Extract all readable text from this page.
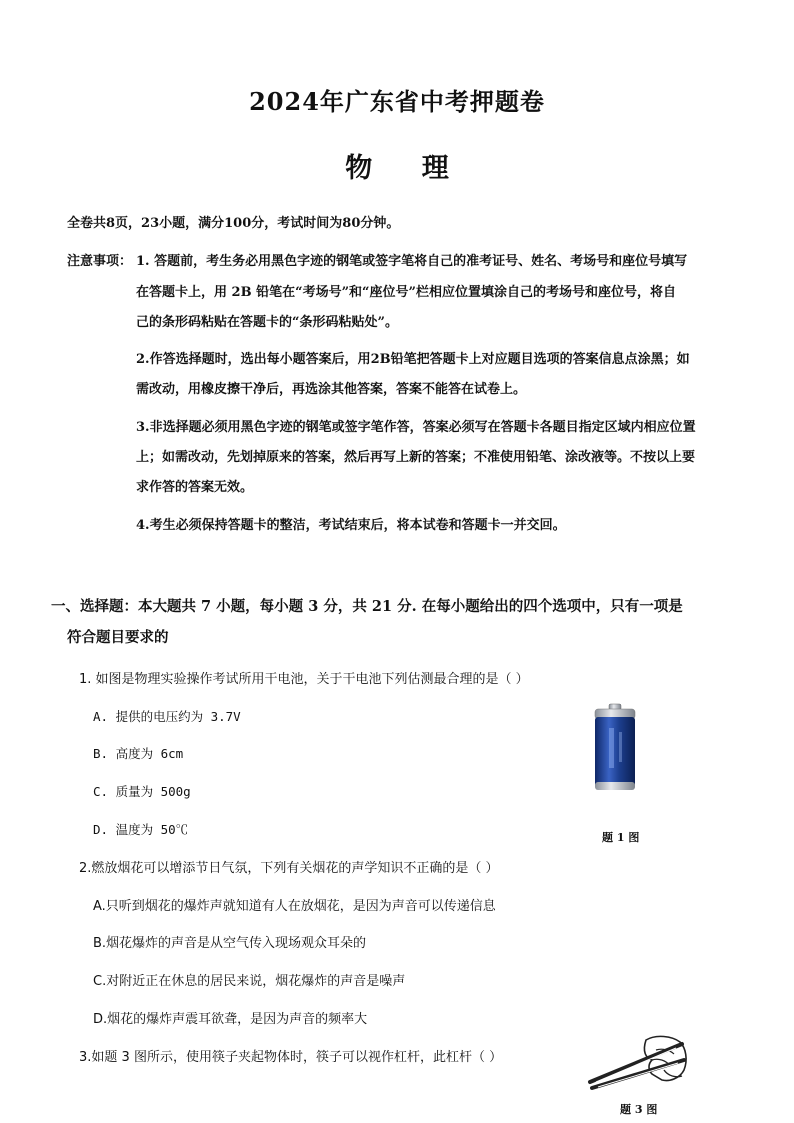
2024年广东省中考押题卷
物 理
全卷共8页，23小题，满分100分，考试时间为80分钟。
注意事项： 1. 答题前，考生务必用黑色字迹的钢笔或签字笔将自己的准考证号、姓名、考场号和座位号填写
在答题卡上，用 2B 铅笔在“考场号”和“座位号”栏相应位置填涂自己的考场号和座位号，将自
己的条形码粘贴在答题卡的“条形码粘贴处”。
2.作答选择题时，选出每小题答案后，用2B铅笔把答题卡上对应题目选项的答案信息点涂黑；如
需改动，用橡皮擦干净后，再选涂其他答案，答案不能答在试卷上。
3.非选择题必须用黑色字迹的钢笔或签字笔作答，答案必须写在答题卡各题目指定区域内相应位置
上；如需改动，先划掉原来的答案，然后再写上新的答案；不准使用铅笔、涂改液等。不按以上要
求作答的答案无效。
4.考生必须保持答题卡的整洁，考试结束后，将本试卷和答题卡一并交回。
一、选择题：本大题共 7 小题，每小题 3 分，共 21 分. 在每小题给出的四个选项中，只有一项是
符合题目要求的
1. 如图是物理实验操作考试所用干电池，关于干电池下列估测最合理的是（ ）
A. 提供的电压约为 3.7V
B. 高度为 6cm
C. 质量为 500g
D. 温度为 50℃
题 1 图
2.燃放烟花可以增添节日气氛，下列有关烟花的声学知识不正确的是（ ）
A.只听到烟花的爆炸声就知道有人在放烟花，是因为声音可以传递信息
B.烟花爆炸的声音是从空气传入现场观众耳朵的
C.对附近正在休息的居民来说，烟花爆炸的声音是噪声
D.烟花的爆炸声震耳欲聋，是因为声音的频率大
3.如题 3 图所示，使用筷子夹起物体时，筷子可以视作杠杆，此杠杆（ ）
题 3 图
